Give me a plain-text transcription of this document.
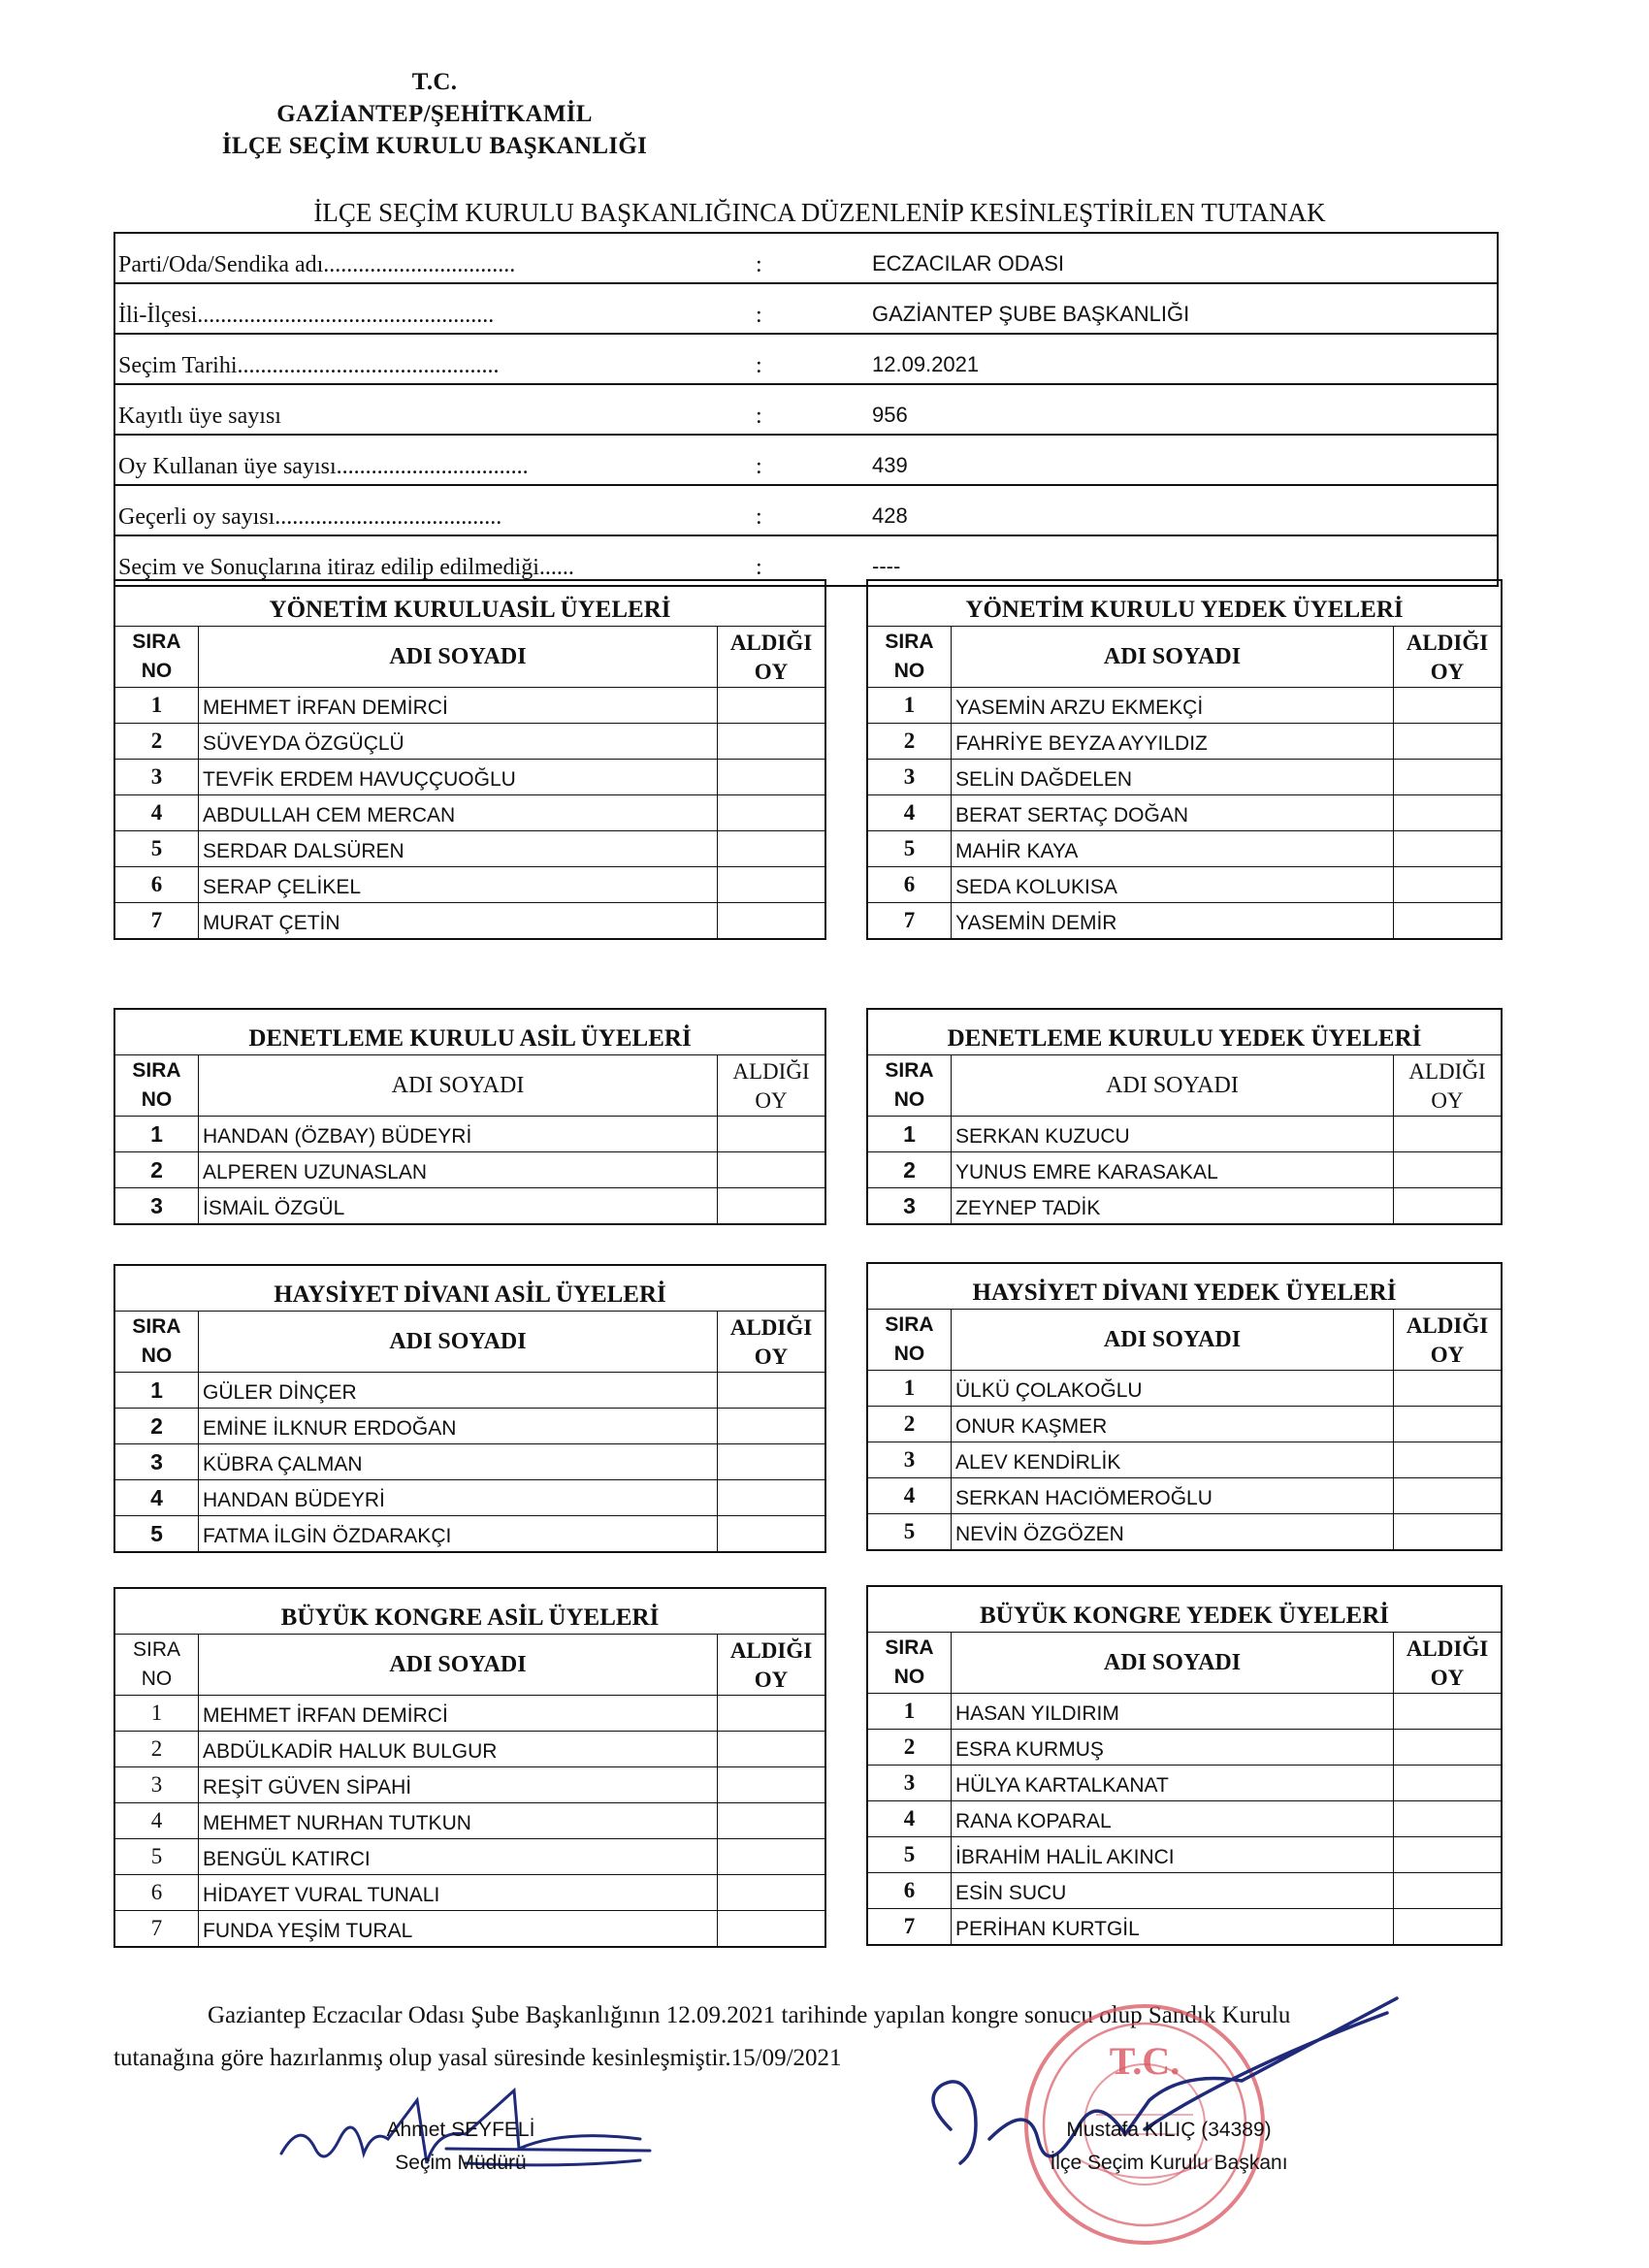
T.C.
GAZİANTEP/ŞEHİTKAMİL
İLÇE SEÇİM KURULU BAŞKANLIĞI
İLÇE SEÇİM KURULU BAŞKANLIĞINCA DÜZENLENİP KESİNLEŞTİRİLEN TUTANAK
Parti/Oda/Sendika adı.................................	:	ECZACILAR ODASI
İli-İlçesi...................................................	:	GAZİANTEP ŞUBE BAŞKANLIĞI
Seçim Tarihi.............................................	:	12.09.2021
Kayıtlı üye sayısı	:	956
Oy Kullanan üye sayısı.................................	:	439
Geçerli oy sayısı.......................................	:	428
Seçim ve Sonuçlarına itiraz edilip edilmediği......	:	----
YÖNETİM KURULUASİL ÜYELERİ		
SIRA
NO	ADI SOYADI	ALDIĞI
OY
1	MEHMET İRFAN DEMİRCİ	
2	SÜVEYDA ÖZGÜÇLÜ	
3	TEVFİK ERDEM HAVUÇÇUOĞLU	
4	ABDULLAH CEM MERCAN	
5	SERDAR DALSÜREN	
6	SERAP ÇELİKEL	
7	MURAT ÇETİN	
YÖNETİM KURULU YEDEK ÜYELERİ		
SIRA
NO	ADI SOYADI	ALDIĞI
OY
1	YASEMİN ARZU EKMEKÇİ	
2	FAHRİYE BEYZA AYYILDIZ	
3	SELİN DAĞDELEN	
4	BERAT SERTAÇ DOĞAN	
5	MAHİR KAYA	
6	SEDA KOLUKISA	
7	YASEMİN DEMİR	
DENETLEME KURULU ASİL ÜYELERİ		
SIRA
NO	ADI SOYADI	ALDIĞI
OY
1	HANDAN (ÖZBAY) BÜDEYRİ	
2	ALPEREN UZUNASLAN	
3	İSMAİL ÖZGÜL	
DENETLEME KURULU YEDEK ÜYELERİ		
SIRA
NO	ADI SOYADI	ALDIĞI
OY
1	SERKAN KUZUCU	
2	YUNUS EMRE KARASAKAL	
3	ZEYNEP TADİK	
HAYSİYET DİVANI ASİL ÜYELERİ		
SIRA
NO	ADI SOYADI	ALDIĞI
OY
1	GÜLER DİNÇER	
2	EMİNE İLKNUR ERDOĞAN	
3	KÜBRA ÇALMAN	
4	HANDAN BÜDEYRİ	
5	FATMA İLGİN ÖZDARAKÇI	
HAYSİYET DİVANI YEDEK ÜYELERİ		
SIRA
NO	ADI SOYADI	ALDIĞI
OY
1	ÜLKÜ ÇOLAKOĞLU	
2	ONUR KAŞMER	
3	ALEV KENDİRLİK	
4	SERKAN HACIÖMEROĞLU	
5	NEVİN ÖZGÖZEN	
BÜYÜK KONGRE ASİL ÜYELERİ		
SIRA
NO	ADI SOYADI	ALDIĞI
OY
1	MEHMET İRFAN DEMİRCİ	
2	ABDÜLKADİR HALUK BULGUR	
3	REŞİT GÜVEN SİPAHİ	
4	MEHMET NURHAN TUTKUN	
5	BENGÜL KATIRCI	
6	HİDAYET VURAL TUNALI	
7	FUNDA YEŞİM TURAL	
BÜYÜK KONGRE YEDEK ÜYELERİ		
SIRA
NO	ADI SOYADI	ALDIĞI
OY
1	HASAN YILDIRIM	
2	ESRA KURMUŞ	
3	HÜLYA KARTALKANAT	
4	RANA KOPARAL	
5	İBRAHİM HALİL AKINCI	
6	ESİN SUCU	
7	PERİHAN KURTGİL	
Gaziantep Eczacılar Odası Şube Başkanlığının 12.09.2021 tarihinde yapılan kongre sonucu olup Sandık Kurulu
tutanağına göre hazırlanmış olup yasal süresinde kesinleşmiştir.15/09/2021	T.C.
Ahmet SEYFELİ
Seçim Müdürü
Mustafa KILIÇ (34389)
İlçe Seçim Kurulu Başkanı
